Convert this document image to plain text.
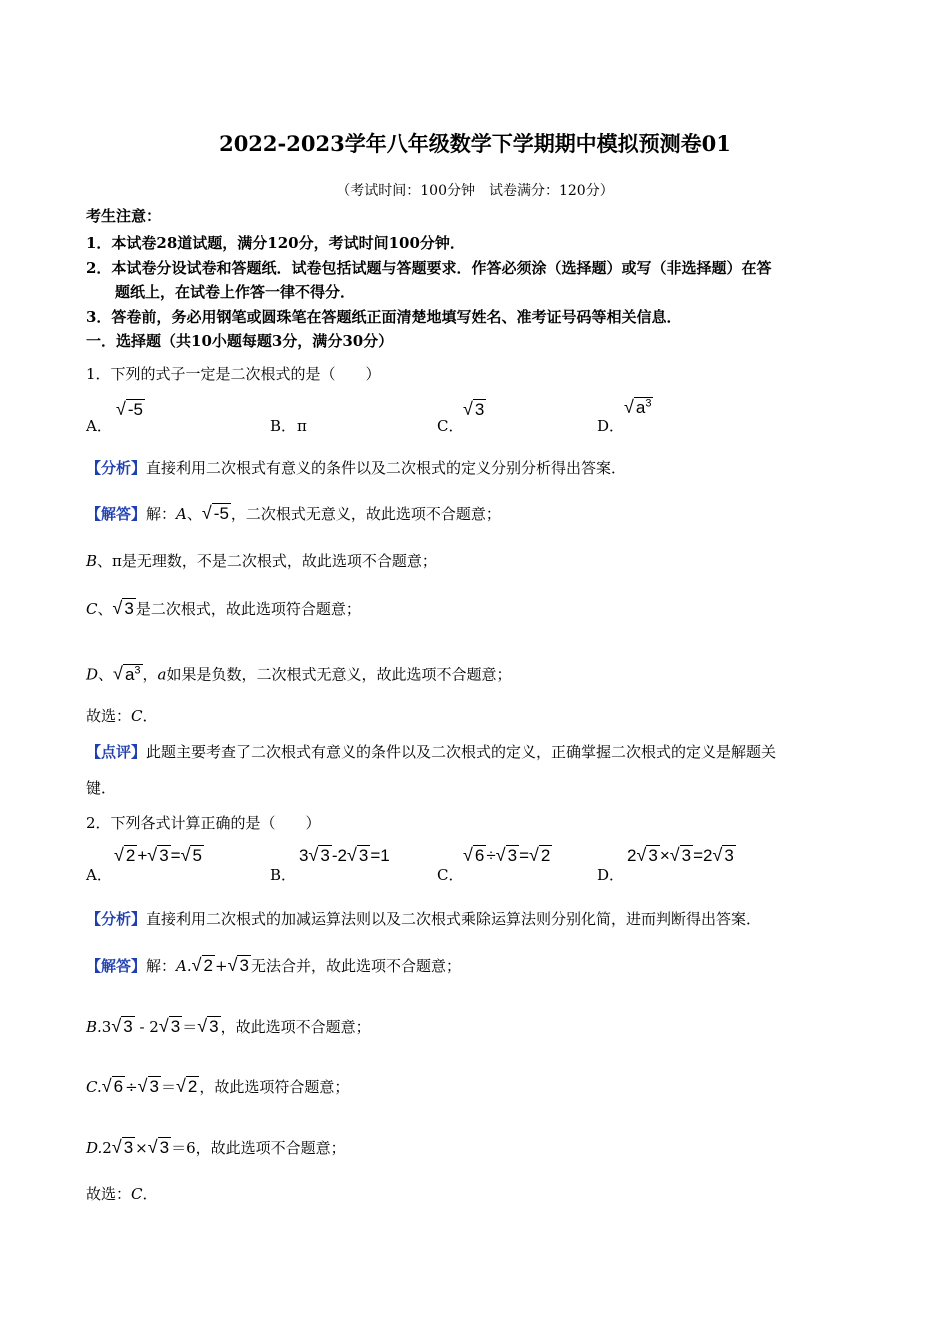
2022-2023学年八年级数学下学期期中模拟预测卷01
（考试时间：100分钟　试卷满分：120分）
考生注意：
1．本试卷28道试题，满分120分，考试时间100分钟．
2．本试卷分设试卷和答题纸．试卷包括试题与答题要求．作答必须涂（选择题）或写（非选择题）在答
题纸上，在试卷上作答一律不得分．
3．答卷前，务必用钢笔或圆珠笔在答题纸正面清楚地填写姓名、准考证号码等相关信息．
一．选择题（共10小题每题3分，满分30分）
1．下列的式子一定是二次根式的是（　　）
A．
√ -5
B． π	C．
√ 3
D．
√ $a^3$
【分析】直接利用二次根式有意义的条件以及二次根式的定义分别分析得出答案．
【解答】解：A、√ -5 ，二次根式无意义，故此选项不合题意；
B、π是无理数，不是二次根式，故此选项不合题意；
C、√ 3 是二次根式，故此选项符合题意；
D、√ $a^3$ ，a如果是负数，二次根式无意义，故此选项不合题意；
故选：C．
【点评】此题主要考查了二次根式有意义的条件以及二次根式的定义，正确掌握二次根式的定义是解题关
键．
2．下列各式计算正确的是（　　）
A．
√ 2 +√ 3 =√ 5
B．
3√ 3 -2√ 3 =1
C．
√ 6 ÷√ 3 =√ 2
D．
2√ 3 ×√ 3 =2√ 3
【分析】直接利用二次根式的加减运算法则以及二次根式乘除运算法则分别化简，进而判断得出答案．
【解答】解：A.√ 2 +√ 3 无法合并，故此选项不合题意；
B.3√ 3 - 2√ 3 ＝√ 3 ，故此选项不合题意；
C.√ 6 ÷√ 3 ＝√ 2 ，故此选项符合题意；
D.2√ 3 ×√ 3 ＝6，故此选项不合题意；
故选：C．
